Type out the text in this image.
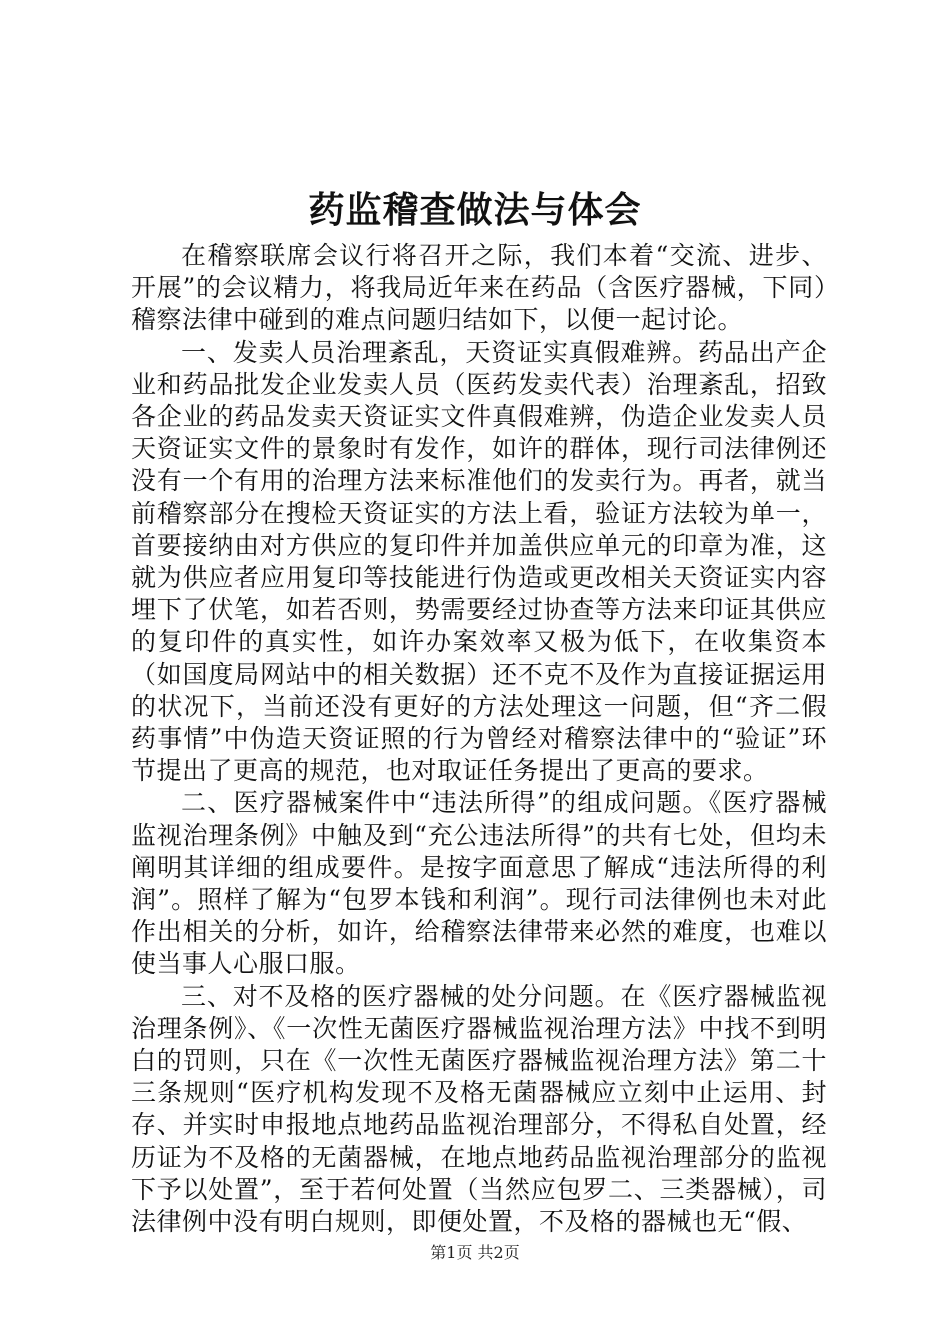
药监稽查做法与体会

在稽察联席会议行将召开之际，我们本着“交流、进步、开展”的会议精力，将我局近年来在药品（含医疗器械，下同）稽察法律中碰到的难点问题归结如下，以便一起讨论。

一、发卖人员治理紊乱，天资证实真假难辨。药品出产企业和药品批发企业发卖人员（医药发卖代表）治理紊乱，招致各企业的药品发卖天资证实文件真假难辨，伪造企业发卖人员天资证实文件的景象时有发作，如许的群体，现行司法律例还没有一个有用的治理方法来标准他们的发卖行为。再者，就当前稽察部分在搜检天资证实的方法上看，验证方法较为单一，首要接纳由对方供应的复印件并加盖供应单元的印章为准，这就为供应者应用复印等技能进行伪造或更改相关天资证实内容埋下了伏笔，如若否则，势需要经过协查等方法来印证其供应的复印件的真实性，如许办案效率又极为低下，在收集资本（如国度局网站中的相关数据）还不克不及作为直接证据运用的状况下，当前还没有更好的方法处理这一问题，但“齐二假药事情”中伪造天资证照的行为曾经对稽察法律中的“验证”环节提出了更高的规范，也对取证任务提出了更高的要求。

二、医疗器械案件中“违法所得”的组成问题。《医疗器械监视治理条例》中触及到“充公违法所得”的共有七处，但均未阐明其详细的组成要件。是按字面意思了解成“违法所得的利润”。照样了解为“包罗本钱和利润”。现行司法律例也未对此作出相关的分析，如许，给稽察法律带来必然的难度，也难以使当事人心服口服。

三、对不及格的医疗器械的处分问题。在《医疗器械监视治理条例》、《一次性无菌医疗器械监视治理方法》中找不到明白的罚则，只在《一次性无菌医疗器械监视治理方法》第二十三条规则“医疗机构发现不及格无菌器械应立刻中止运用、封存、并实时申报地点地药品监视治理部分，不得私自处置，经历证为不及格的无菌器械，在地点地药品监视治理部分的监视下予以处置”，至于若何处置（当然应包罗二、三类器械），司法律例中没有明白规则，即便处置，不及格的器械也无“假、

第1页 共2页
